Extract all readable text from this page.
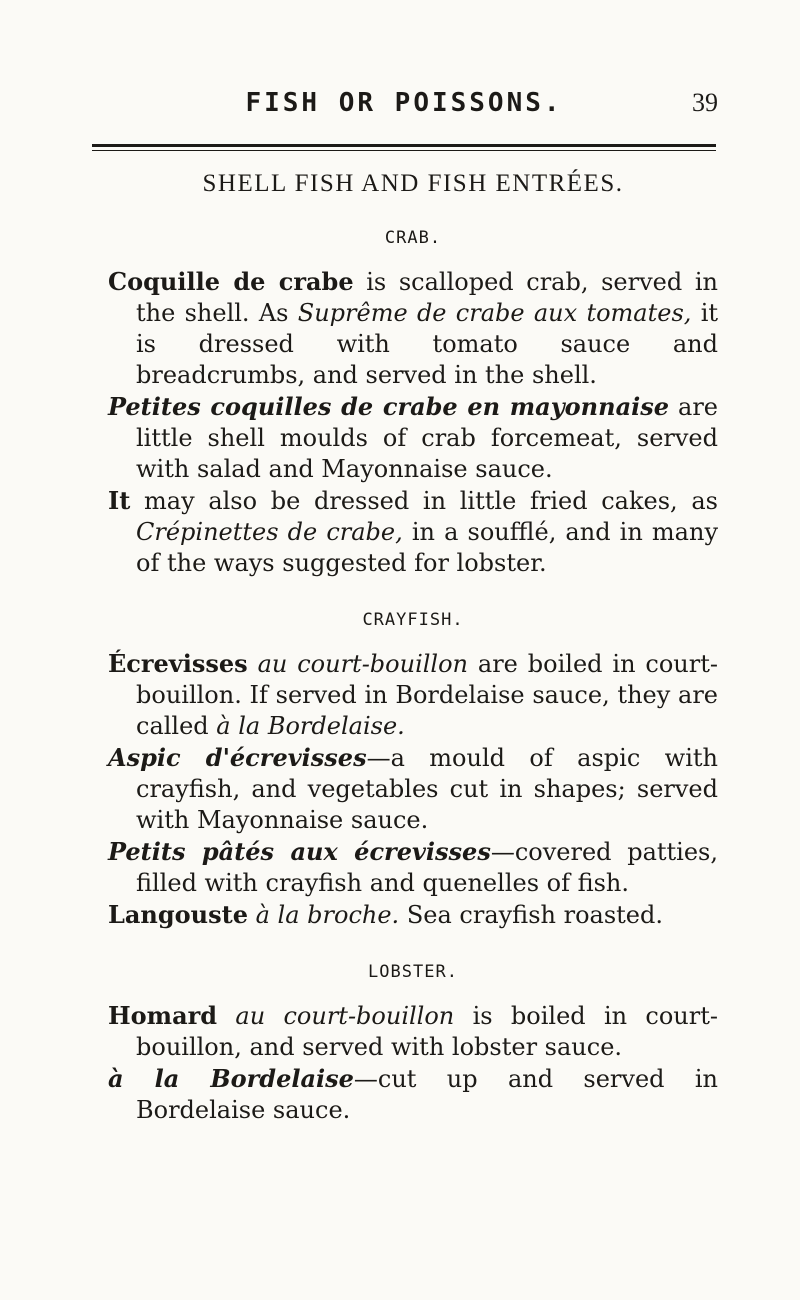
FISH OR POISSONS.	39
SHELL FISH AND FISH ENTRÉES.
CRAB.

Coquille de crabe is scalloped crab, served in the shell. As Suprême de crabe aux tomates, it is dressed with tomato sauce and breadcrumbs, and served in the shell.

Petites coquilles de crabe en mayonnaise are little shell moulds of crab forcemeat, served with salad and Mayonnaise sauce.

It may also be dressed in little fried cakes, as Crépinettes de crabe, in a soufflé, and in many of the ways suggested for lobster.

CRAYFISH.

Écrevisses au court-bouillon are boiled in court-bouillon. If served in Bordelaise sauce, they are called à la Bordelaise.

Aspic d'écrevisses—a mould of aspic with crayfish, and vegetables cut in shapes; served with Mayonnaise sauce.

Petits pâtés aux écrevisses—covered patties, filled with crayfish and quenelles of fish.

Langouste à la broche. Sea crayfish roasted.

LOBSTER.

Homard au court-bouillon is boiled in court-bouillon, and served with lobster sauce.

à la Bordelaise—cut up and served in Bordelaise sauce.
